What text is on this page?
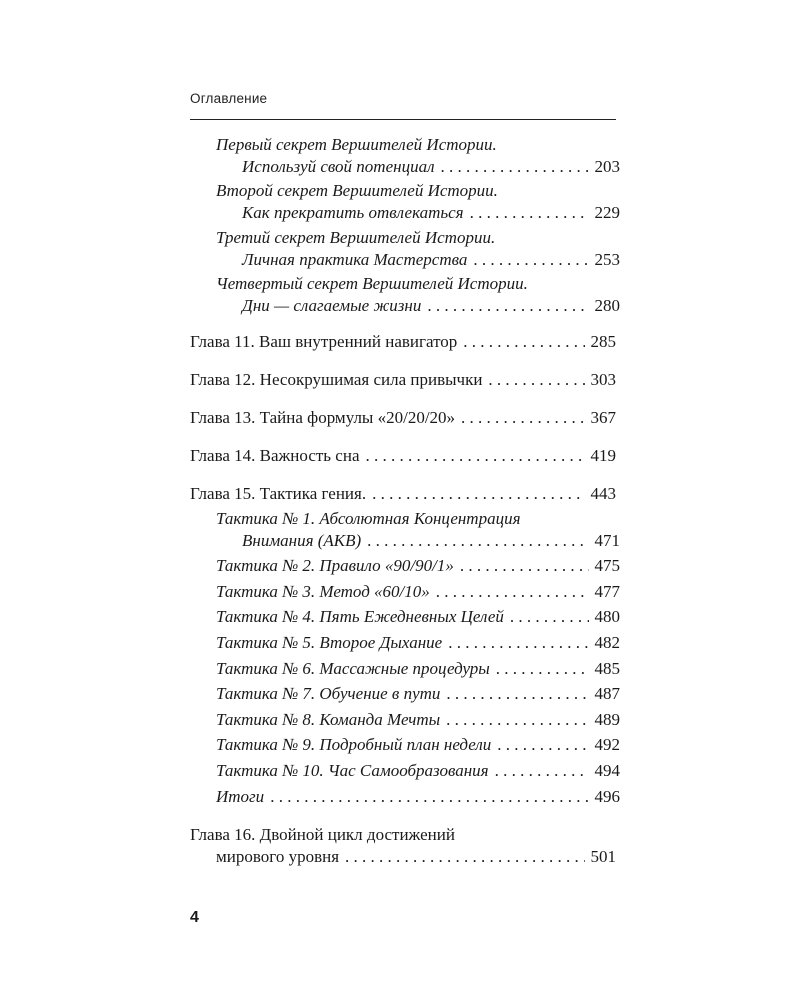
Оглавление
Первый секрет Вершителей Истории.
Используй свой потенциал . . .	203
Второй секрет Вершителей Истории.
Как прекратить отвлекаться . . .	229
Третий секрет Вершителей Истории.
Личная практика Мастерства . . .	253
Четвертый секрет Вершителей Истории.
Дни — слагаемые жизни . . .	280
Глава 11. Ваш внутренний навигатор . . .	285
Глава 12. Несокрушимая сила привычки . . .	303
Глава 13. Тайна формулы «20/20/20» . . .	367
Глава 14. Важность сна . . .	419
Глава 15. Тактика гения. . . .	443
Тактика № 1. Абсолютная Концентрация
Внимания (АКВ) . . .	471
Тактика № 2. Правило «90/90/1» . . .	475
Тактика № 3. Метод «60/10» . . .	477
Тактика № 4. Пять Ежедневных Целей . . .	480
Тактика № 5. Второе Дыхание . . .	482
Тактика № 6. Массажные процедуры . . .	485
Тактика № 7. Обучение в пути . . .	487
Тактика № 8. Команда Мечты . . .	489
Тактика № 9. Подробный план недели . . .	492
Тактика № 10. Час Самообразования . . .	494
Итоги . . .	496
Глава 16. Двойной цикл достижений
мирового уровня . . .	501
4
